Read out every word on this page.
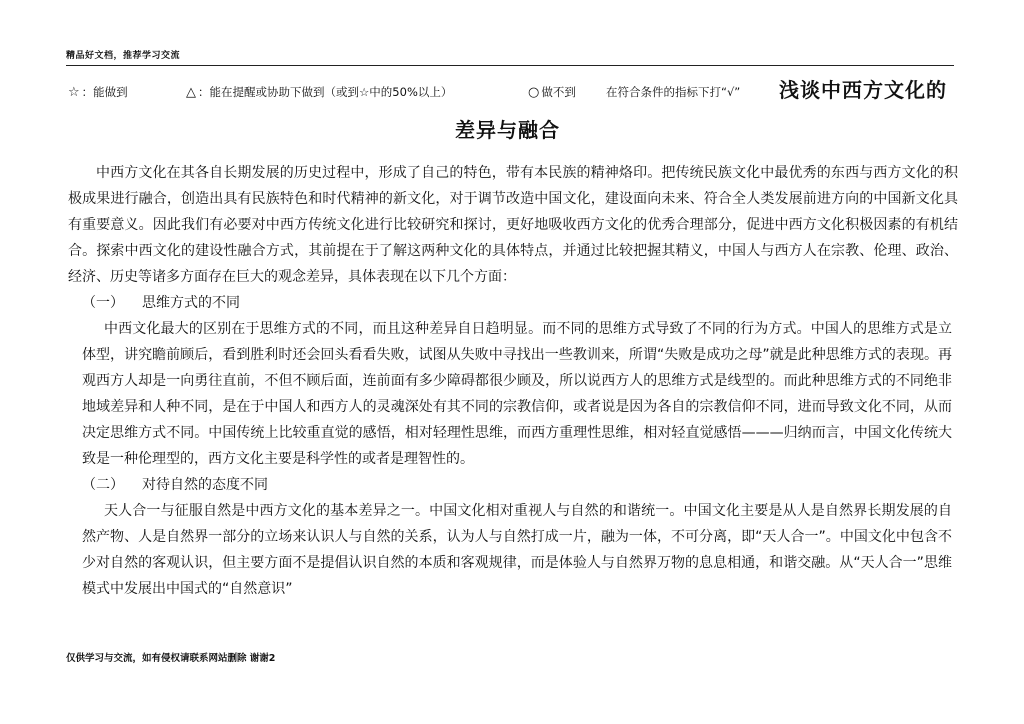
精品好文档，推荐学习交流
☆ ：能做到	△ ：能在提醒或协助下做到（或到☆中的50%以上）	○ 做不到	在符合条件的指标下打“√” 浅谈中西方文化的
差异与融合

中西方文化在其各自长期发展的历史过程中，形成了自己的特色，带有本民族的精神烙印。把传统民族文化中最优秀的东西与西方文化的积极成果进行融合，创造出具有民族特色和时代精神的新文化，对于调节改造中国文化，建设面向未来、符合全人类发展前进方向的中国新文化具有重要意义。因此我们有必要对中西方传统文化进行比较研究和探讨，更好地吸收西方文化的优秀合理部分，促进中西方文化积极因素的有机结合。探索中西文化的建设性融合方式，其前提在于了解这两种文化的具体特点，并通过比较把握其精义，中国人与西方人在宗教、伦理、政治、经济、历史等诸多方面存在巨大的观念差异，具体表现在以下几个方面：

（一） 思维方式的不同

中西文化最大的区别在于思维方式的不同，而且这种差异自日趋明显。而不同的思维方式导致了不同的行为方式。中国人的思维方式是立体型，讲究瞻前顾后，看到胜利时还会回头看看失败，试图从失败中寻找出一些教训来，所谓“失败是成功之母”就是此种思维方式的表现。再观西方人却是一向勇往直前，不但不顾后面，连前面有多少障碍都很少顾及，所以说西方人的思维方式是线型的。而此种思维方式的不同绝非地域差异和人种不同，是在于中国人和西方人的灵魂深处有其不同的宗教信仰，或者说是因为各自的宗教信仰不同，进而导致文化不同，从而决定思维方式不同。中国传统上比较重直觉的感悟，相对轻理性思维，而西方重理性思维，相对轻直觉感悟———归纳而言，中国文化传统大致是一种伦理型的，西方文化主要是科学性的或者是理智性的。

（二） 对待自然的态度不同

天人合一与征服自然是中西方文化的基本差异之一。中国文化相对重视人与自然的和谐统一。中国文化主要是从人是自然界长期发展的自然产物、人是自然界一部分的立场来认识人与自然的关系，认为人与自然打成一片，融为一体，不可分离，即“天人合一”。中国文化中包含不少对自然的客观认识，但主要方面不是提倡认识自然的本质和客观规律，而是体验人与自然界万物的息息相通，和谐交融。从“天人合一”思维模式中发展出中国式的“自然意识”

仅供学习与交流，如有侵权请联系网站删除 谢谢2
